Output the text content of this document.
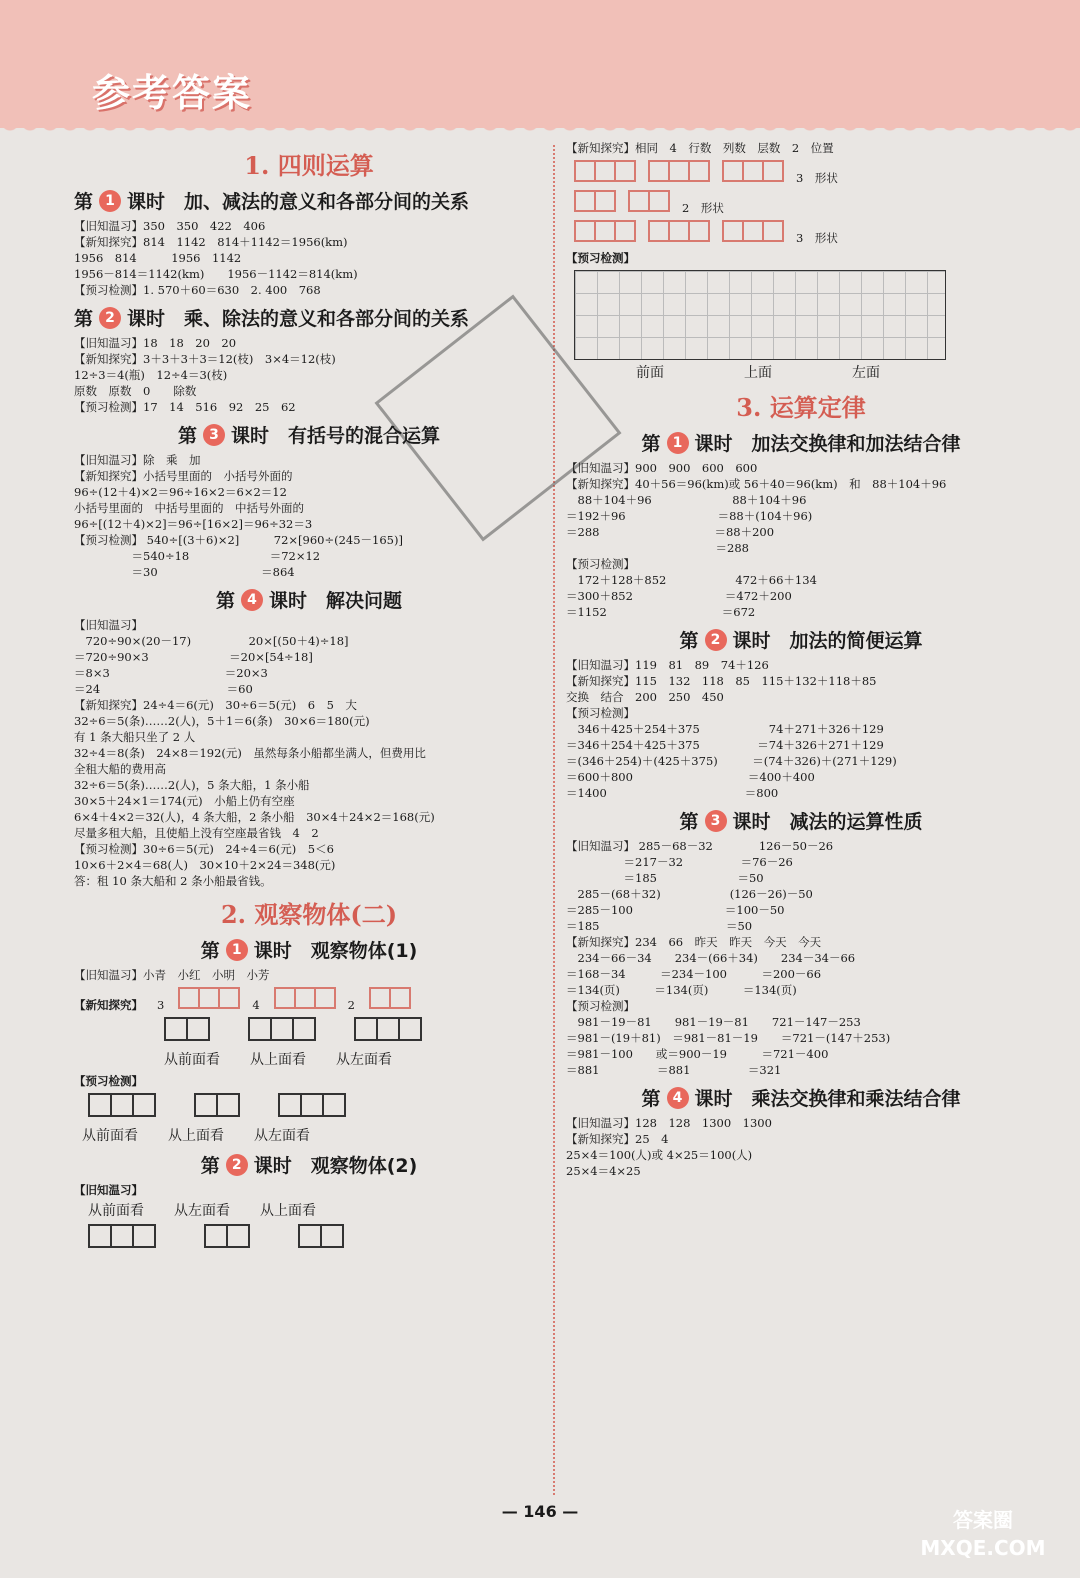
参考答案
1. 四则运算
第 1 课时　加、减法的意义和各部分间的关系
【旧知温习】350　350　422　406
【新知探究】814　1142　814＋1142＝1956(km)
1956　814　　　1956　1142
1956－814＝1142(km)　　1956－1142＝814(km)
【预习检测】1. 570＋60＝630　2. 400　768
第 2 课时　乘、除法的意义和各部分间的关系
【旧知温习】18　18　20　20
【新知探究】3＋3＋3＋3＝12(枝)　3×4＝12(枝)
12÷3＝4(瓶)　12÷4＝3(枝)
原数　原数　0　　除数
【预习检测】17　14　516　92　25　62
第 3 课时　有括号的混合运算
【旧知温习】除　乘　加
【新知探究】小括号里面的　小括号外面的
96÷(12＋4)×2＝96÷16×2＝6×2＝12
小括号里面的　中括号里面的　中括号外面的
96÷[(12＋4)×2]＝96÷[16×2]＝96÷32＝3
【预习检测】 540÷[(3＋6)×2]　　　72×[960÷(245－165)]
　　　　　＝540÷18　　　　　　　＝72×12
　　　　　＝30　　　　　　　　　＝864
第 4 课时　解决问题
【旧知温习】
　720÷90×(20－17)　　　　　20×[(50＋4)÷18]
＝720÷90×3　　　　　　　＝20×[54÷18]
＝8×3　　　　　　　　　　＝20×3
＝24　　　　　　　　　　　＝60
【新知探究】24÷4＝6(元)　30÷6＝5(元)　6　5　大
32÷6＝5(条)……2(人)，5＋1＝6(条)　30×6＝180(元)
有 1 条大船只坐了 2 人
32÷4＝8(条)　24×8＝192(元)　虽然每条小船都坐满人，但费用比
全租大船的费用高
32÷6＝5(条)……2(人)，5 条大船，1 条小船
30×5＋24×1＝174(元)　小船上仍有空座
6×4＋4×2＝32(人)，4 条大船，2 条小船　30×4＋24×2＝168(元)
尽量多租大船，且使船上没有空座最省钱　4　2
【预习检测】30÷6＝5(元)　24÷4＝6(元)　5＜6
10×6＋2×4＝68(人)　30×10＋2×24＝348(元)
答：租 10 条大船和 2 条小船最省钱。
2. 观察物体(二)
第 1 课时　观察物体(1)
【旧知温习】小青　小红　小明　小芳
【新知探究】 3	4	2
从前面看 从上面看 从左面看
【预习检测】
从前面看 从上面看 从左面看
第 2 课时　观察物体(2)
【旧知温习】
从前面看 从左面看 从上面看
【新知探究】相同　4　行数　列数　层数　2　位置
3　形状
2　形状
3　形状
【预习检测】
前面	上面	左面
3. 运算定律
第 1 课时　加法交换律和加法结合律
【旧知温习】900　900　600　600
【新知探究】40＋56＝96(km)或 56＋40＝96(km)　和　88＋104＋96
　88＋104＋96　　　　　　　88＋104＋96
＝192＋96　　　　　　　　＝88＋(104＋96)
＝288　　　　　　　　　　＝88＋200
　　　　　　　　　　　　　＝288
【预习检测】
　172＋128＋852　　　　　　472＋66＋134
＝300＋852　　　　　　　　＝472＋200
＝1152　　　　　　　　　　＝672
第 2 课时　加法的简便运算
【旧知温习】119　81　89　74＋126
【新知探究】115　132　118　85　115＋132＋118＋85
交换　结合　200　250　450
【预习检测】
　346＋425＋254＋375　　　　　　74＋271＋326＋129
＝346＋254＋425＋375　　　　　＝74＋326＋271＋129
＝(346＋254)＋(425＋375)　　　＝(74＋326)＋(271＋129)
＝600＋800　　　　　　　　　　＝400＋400
＝1400　　　　　　　　　　　　＝800
第 3 课时　减法的运算性质
【旧知温习】 285－68－32　　　　126－50－26
　　　　　＝217－32　　　　　＝76－26
　　　　　＝185　　　　　　　＝50
　285－(68＋32)　　　　　　(126－26)－50
＝285－100　　　　　　　　＝100－50
＝185　　　　　　　　　　　＝50
【新知探究】234　66　昨天　昨天　今天　今天
　234－66－34　　234－(66＋34)　　234－34－66
＝168－34　　　＝234－100　　　＝200－66
＝134(页)　　　＝134(页)　　　＝134(页)
【预习检测】
　981－19－81　　981－19－81　　721－147－253
＝981－(19＋81)　＝981－81－19　　＝721－(147＋253)
＝981－100　　或＝900－19　　　＝721－400
＝881　　　　　＝881　　　　　＝321
第 4 课时　乘法交换律和乘法结合律
【旧知温习】128　128　1300　1300
【新知探究】25　4
25×4＝100(人)或 4×25＝100(人)
25×4＝4×25
— 146 —	答案圈
MXQE.COM
